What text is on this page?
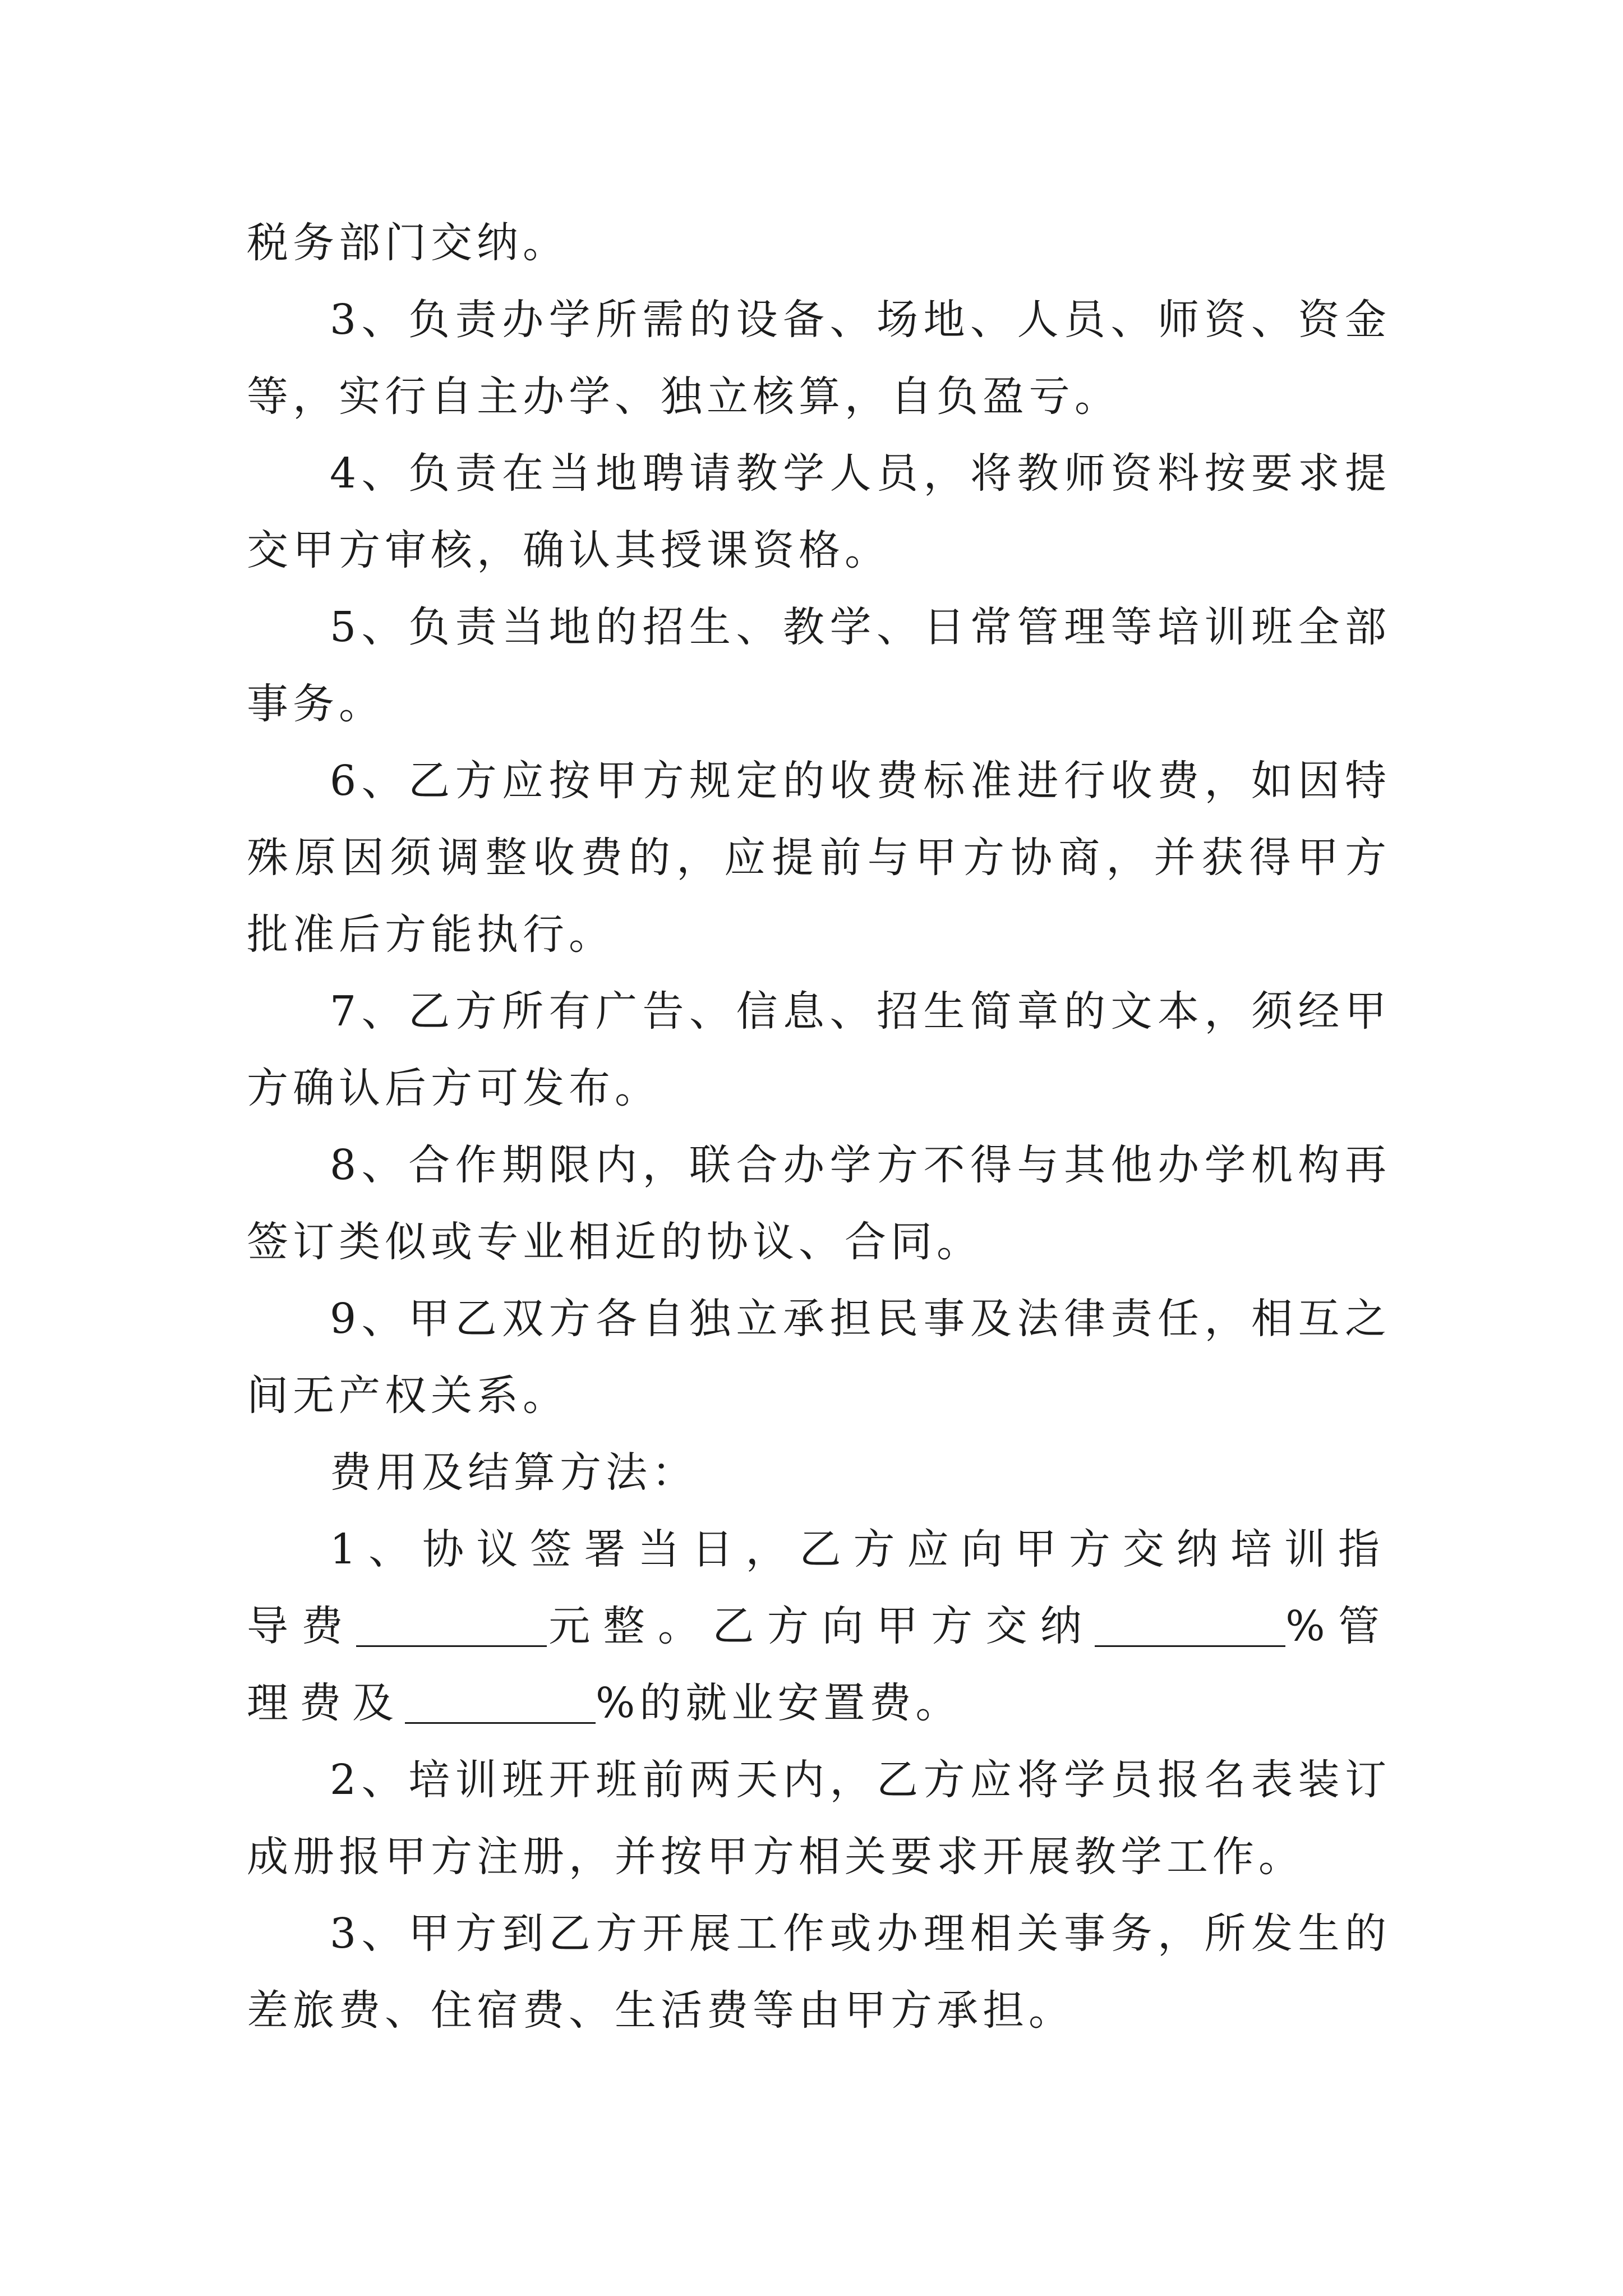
税务部门交纳。

3、负责办学所需的设备、场地、人员、师资、资金等，实行自主办学、独立核算，自负盈亏。

4、负责在当地聘请教学人员，将教师资料按要求提交甲方审核，确认其授课资格。

5、负责当地的招生、教学、日常管理等培训班全部事务。

6、乙方应按甲方规定的收费标准进行收费，如因特殊原因须调整收费的，应提前与甲方协商，并获得甲方批准后方能执行。

7、乙方所有广告、信息、招生简章的文本，须经甲方确认后方可发布。

8、合作期限内，联合办学方不得与其他办学机构再签订类似或专业相近的协议、合同。

9、甲乙双方各自独立承担民事及法律责任，相互之间无产权关系。

费用及结算方法：

1、协议签署当日，乙方应向甲方交纳培训指导费	元整。乙方向甲方交纳	%管理费及	%的就业安置费。

2、培训班开班前两天内，乙方应将学员报名表装订成册报甲方注册，并按甲方相关要求开展教学工作。

3、甲方到乙方开展工作或办理相关事务，所发生的差旅费、住宿费、生活费等由甲方承担。
